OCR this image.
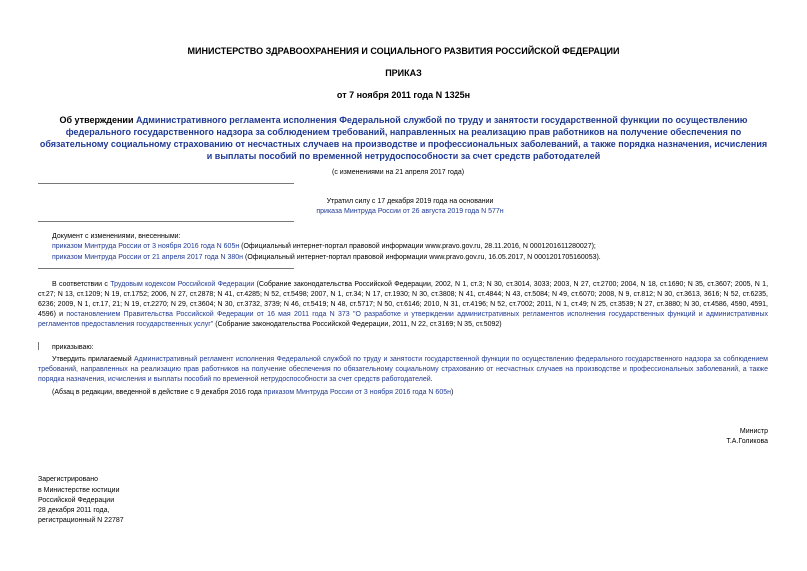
МИНИСТЕРСТВО ЗДРАВООХРАНЕНИЯ И СОЦИАЛЬНОГО РАЗВИТИЯ РОССИЙСКОЙ ФЕДЕРАЦИИ
ПРИКАЗ
от 7 ноября 2011 года N 1325н
Об утверждении Административного регламента исполнения Федеральной службой по труду и занятости государственной функции по осуществлению федерального государственного надзора за соблюдением требований, направленных на реализацию прав работников на получение обеспечения по обязательному социальному страхованию от несчастных случаев на производстве и профессиональных заболеваний, а также порядка назначения, исчисления и выплаты пособий по временной нетрудоспособности за счет средств работодателей
(с изменениями на 21 апреля 2017 года)
Утратил силу с 17 декабря 2019 года на основании
приказа Минтруда России от 26 августа 2019 года N 577н
Документ с изменениями, внесенными:
приказом Минтруда России от 3 ноября 2016 года N 605н (Официальный интернет-портал правовой информации www.pravo.gov.ru, 28.11.2016, N 0001201611280027);
приказом Минтруда России от 21 апреля 2017 года N 380н (Официальный интернет-портал правовой информации www.pravo.gov.ru, 16.05.2017, N 0001201705160053).
В соответствии с Трудовым кодексом Российской Федерации (Собрание законодательства Российской Федерации, 2002, N 1, ст.3; N 30, ст.3014, 3033; 2003, N 27, ст.2700; 2004, N 18, ст.1690; N 35, ст.3607; 2005, N 1, ст.27; N 13, ст.1209; N 19, ст.1752; 2006, N 27, ст.2878; N 41, ст.4285; N 52, ст.5498; 2007, N 1, ст.34; N 17, ст.1930; N 30, ст.3808; N 41, ст.4844; N 43, ст.5084; N 49, ст.6070; 2008, N 9, ст.812; N 30, ст.3613, 3616; N 52, ст.6235, 6236; 2009, N 1, ст.17, 21; N 19, ст.2270; N 29, ст.3604; N 30, ст.3732, 3739; N 46, ст.5419; N 48, ст.5717; N 50, ст.6146; 2010, N 31, ст.4196; N 52, ст.7002; 2011, N 1, ст.49; N 25, ст.3539; N 27, ст.3880; N 30, ст.4586, 4590, 4591, 4596) и постановлением Правительства Российской Федерации от 16 мая 2011 года N 373 "О разработке и утверждении административных регламентов исполнения государственных функций и административных регламентов предоставления государственных услуг" (Собрание законодательства Российской Федерации, 2011, N 22, ст.3169; N 35, ст.5092)
приказываю:
Утвердить прилагаемый Административный регламент исполнения Федеральной службой по труду и занятости государственной функции по осуществлению федерального государственного надзора за соблюдением требований, направленных на реализацию прав работников на получение обеспечения по обязательному социальному страхованию от несчастных случаев на производстве и профессиональных заболеваний, а также порядка назначения, исчисления и выплаты пособий по временной нетрудоспособности за счет средств работодателей.
(Абзац в редакции, введенной в действие с 9 декабря 2016 года приказом Минтруда России от 3 ноября 2016 года N 605н)
Министр
Т.А.Голикова
Зарегистрировано
в Министерстве юстиции
Российской Федерации
28 декабря 2011 года,
регистрационный N 22787
